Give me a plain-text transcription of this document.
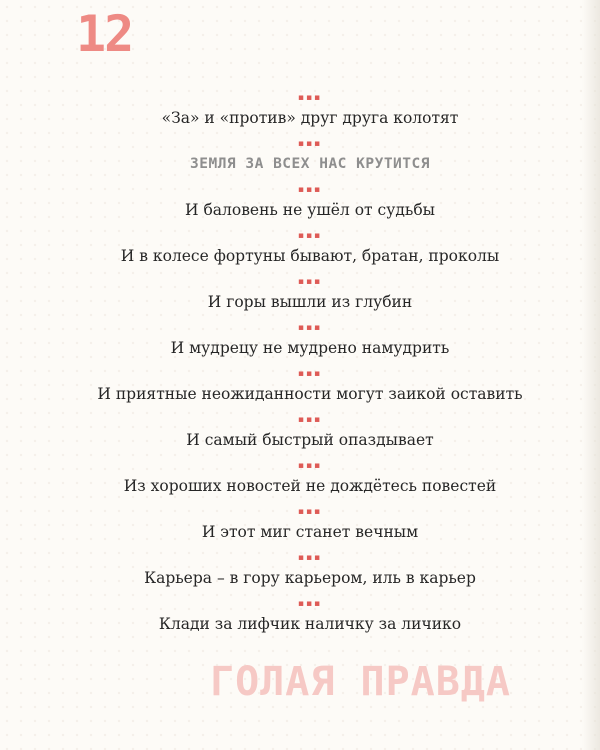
12
▪▪▪
«За» и «против» друг друга колотят
▪▪▪
ЗЕМЛЯ ЗА ВСЕХ НАС КРУТИТСЯ
▪▪▪
И баловень не ушёл от судьбы
▪▪▪
И в колесе фортуны бывают, братан, проколы
▪▪▪
И горы вышли из глубин
▪▪▪
И мудрецу не мудрено намудрить
▪▪▪
И приятные неожиданности могут заикой оставить
▪▪▪
И самый быстрый опаздывает
▪▪▪
Из хороших новостей не дождётесь повестей
▪▪▪
И этот миг станет вечным
▪▪▪
Карьера – в гору карьером, иль в карьер
▪▪▪
Клади за лифчик наличку за личико
ГОЛАЯ ПРАВДА
